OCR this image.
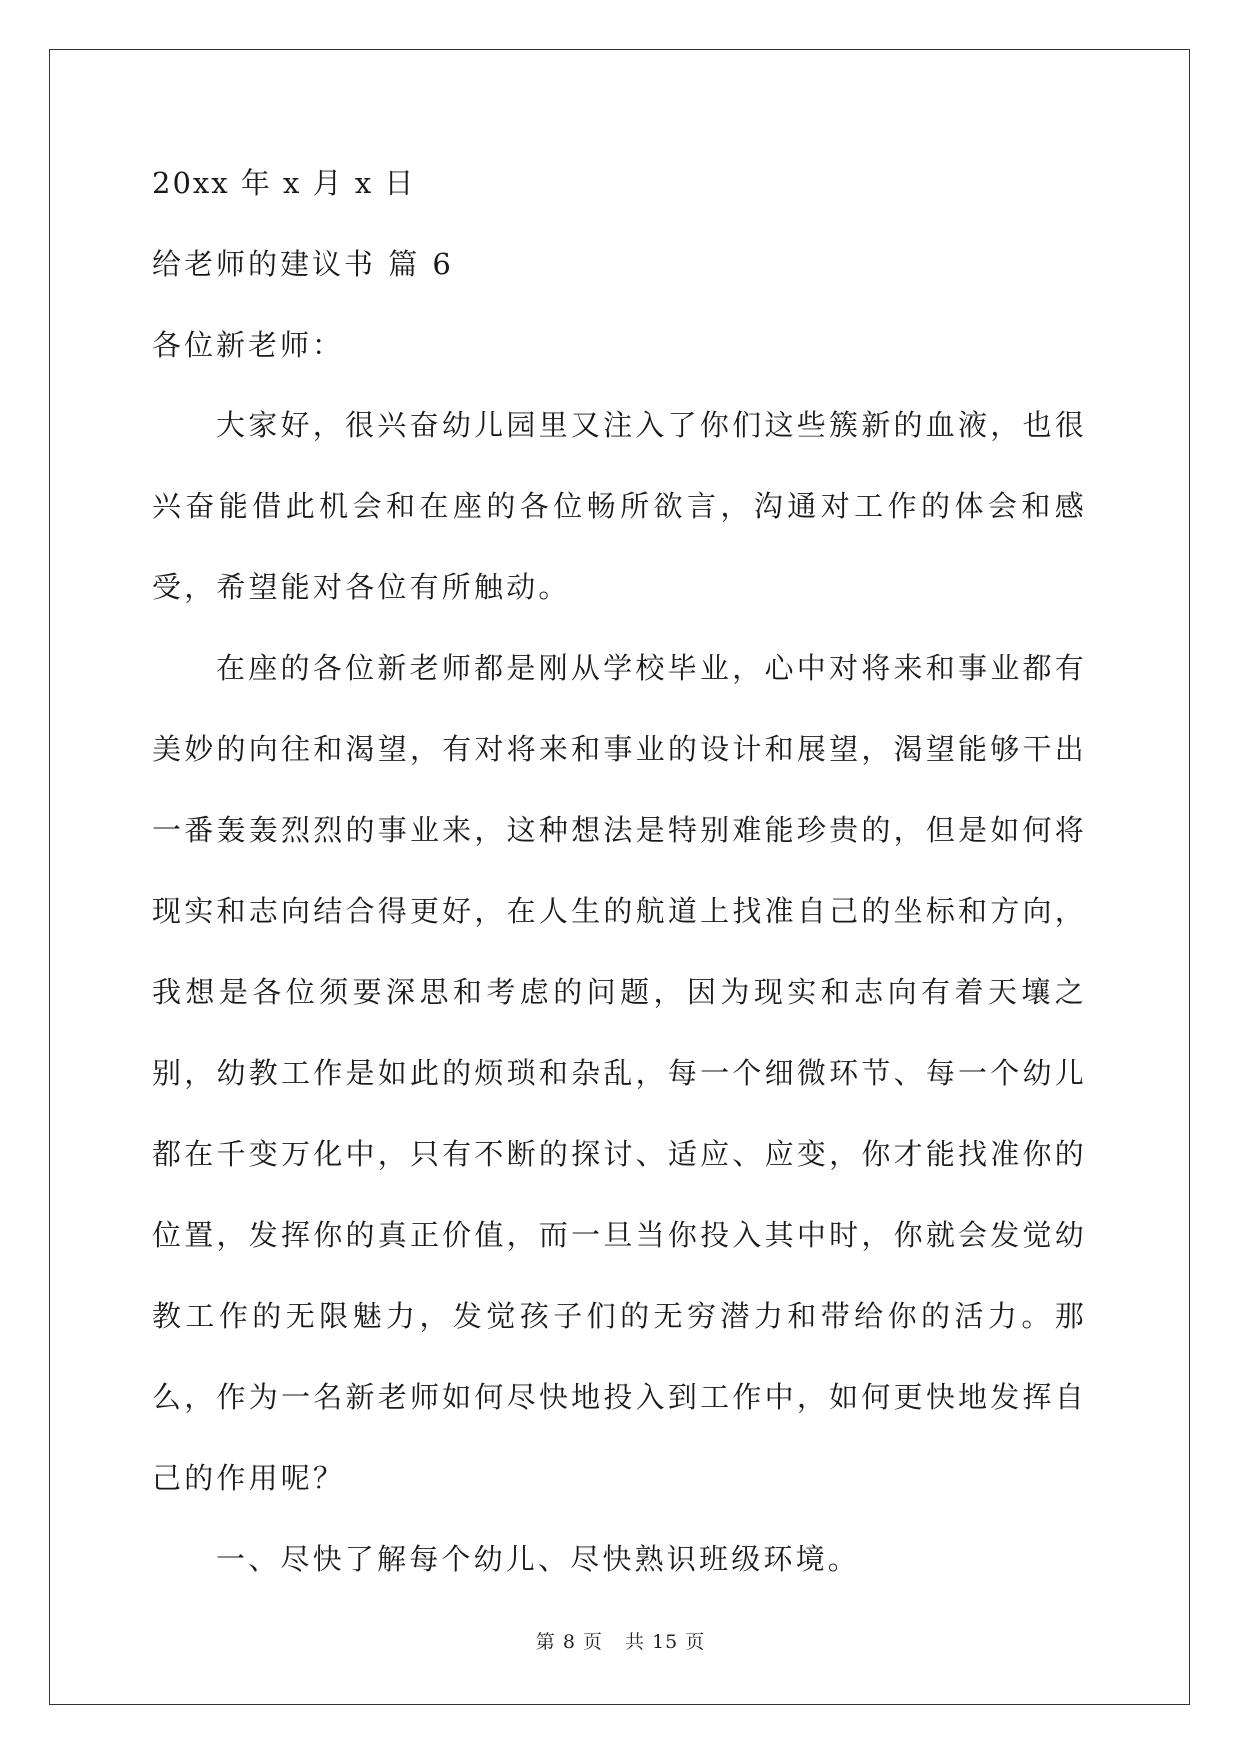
20xx 年 x 月 x 日
给老师的建议书 篇 6
各位新老师：

大家好，很兴奋幼儿园里又注入了你们这些簇新的血液，也很兴奋能借此机会和在座的各位畅所欲言，沟通对工作的体会和感受，希望能对各位有所触动。

在座的各位新老师都是刚从学校毕业，心中对将来和事业都有美妙的向往和渴望，有对将来和事业的设计和展望，渴望能够干出一番轰轰烈烈的事业来，这种想法是特别难能珍贵的，但是如何将现实和志向结合得更好，在人生的航道上找准自己的坐标和方向，我想是各位须要深思和考虑的问题，因为现实和志向有着天壤之别，幼教工作是如此的烦琐和杂乱，每一个细微环节、每一个幼儿都在千变万化中，只有不断的探讨、适应、应变，你才能找准你的位置，发挥你的真正价值，而一旦当你投入其中时，你就会发觉幼教工作的无限魅力，发觉孩子们的无穷潜力和带给你的活力。那么，作为一名新老师如何尽快地投入到工作中，如何更快地发挥自己的作用呢？

一、尽快了解每个幼儿、尽快熟识班级环境。

第 8 页 共 15 页
